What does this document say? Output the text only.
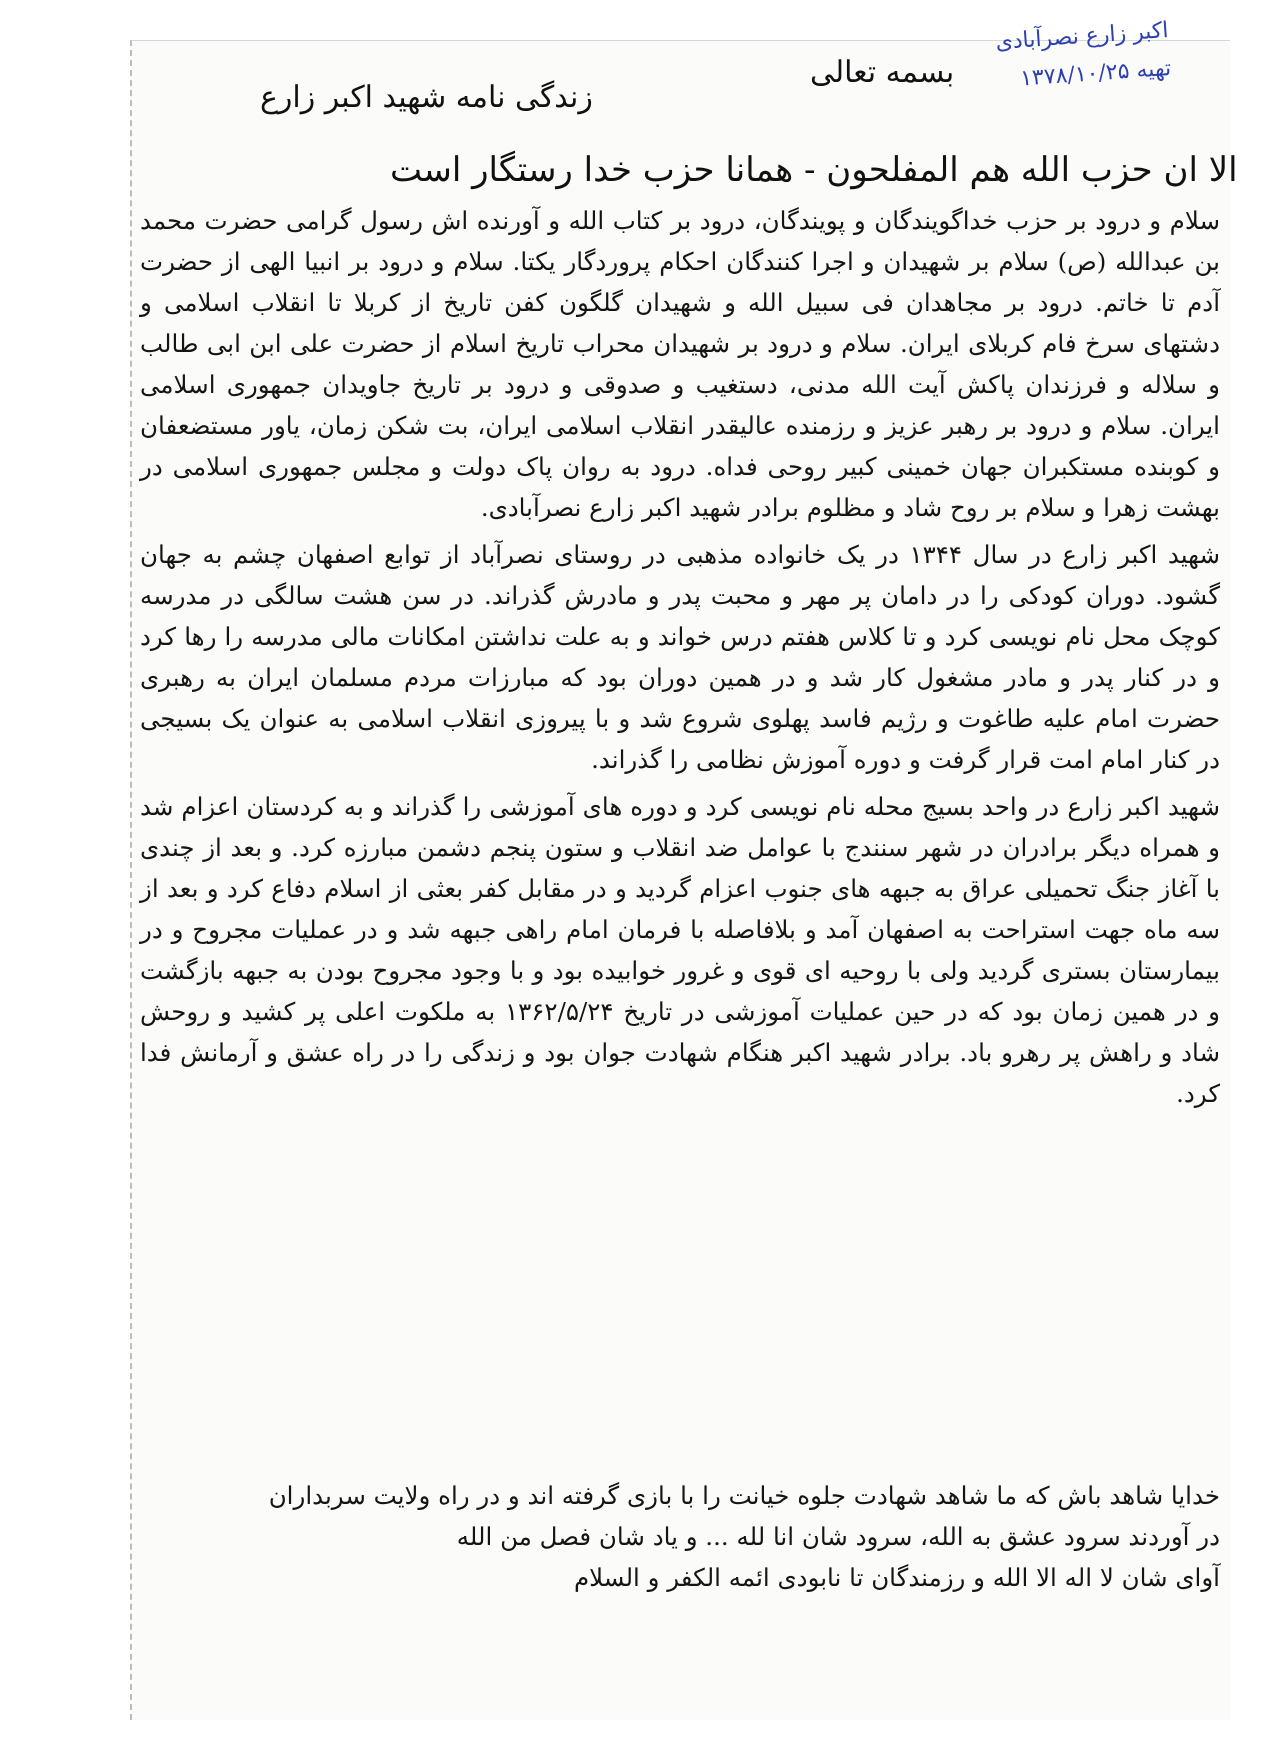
اکبر زارع نصرآبادی
تهیه ۱۳۷۸/۱۰/۲۵
بسمه تعالی
زندگی نامه شهید اکبر زارع
الا ان حزب الله هم المفلحون - همانا حزب خدا رستگار است

سلام و درود بر حزب خداگویندگان و پویندگان، درود بر کتاب الله و آورنده اش رسول گرامی حضرت محمد بن عبدالله (ص) سلام بر شهیدان و اجرا کنندگان احکام پروردگار یکتا. سلام و درود بر انبیا الهی از حضرت آدم تا خاتم. درود بر مجاهدان فی سبیل الله و شهیدان گلگون کفن تاریخ از کربلا تا انقلاب اسلامی و دشتهای سرخ فام کربلای ایران. سلام و درود بر شهیدان محراب تاریخ اسلام از حضرت علی ابن ابی طالب و سلاله و فرزندان پاکش آیت الله مدنی، دستغیب و صدوقی و درود بر تاریخ جاویدان جمهوری اسلامی ایران. سلام و درود بر رهبر عزیز و رزمنده عالیقدر انقلاب اسلامی ایران، بت شکن زمان، یاور مستضعفان و کوبنده مستکبران جهان خمینی کبیر روحی فداه. درود به روان پاک دولت و مجلس جمهوری اسلامی در بهشت زهرا و سلام بر روح شاد و مظلوم برادر شهید اکبر زارع نصرآبادی.

شهید اکبر زارع در سال ۱۳۴۴ در یک خانواده مذهبی در روستای نصرآباد از توابع اصفهان چشم به جهان گشود. دوران کودکی را در دامان پر مهر و محبت پدر و مادرش گذراند. در سن هشت سالگی در مدرسه کوچک محل نام نویسی کرد و تا کلاس هفتم درس خواند و به علت نداشتن امکانات مالی مدرسه را رها کرد و در کنار پدر و مادر مشغول کار شد و در همین دوران بود که مبارزات مردم مسلمان ایران به رهبری حضرت امام علیه طاغوت و رژیم فاسد پهلوی شروع شد و با پیروزی انقلاب اسلامی به عنوان یک بسیجی در کنار امام امت قرار گرفت و دوره آموزش نظامی را گذراند.

شهید اکبر زارع در واحد بسیج محله نام نویسی کرد و دوره های آموزشی را گذراند و به کردستان اعزام شد و همراه دیگر برادران در شهر سنندج با عوامل ضد انقلاب و ستون پنجم دشمن مبارزه کرد. و بعد از چندی با آغاز جنگ تحمیلی عراق به جبهه های جنوب اعزام گردید و در مقابل کفر بعثی از اسلام دفاع کرد و بعد از سه ماه جهت استراحت به اصفهان آمد و بلافاصله با فرمان امام راهی جبهه شد و در عملیات مجروح و در بیمارستان بستری گردید ولی با روحیه ای قوی و غرور خوابیده بود و با وجود مجروح بودن به جبهه بازگشت و در همین زمان بود که در حین عملیات آموزشی در تاریخ ۱۳۶۲/۵/۲۴ به ملکوت اعلی پر کشید و روحش شاد و راهش پر رهرو باد. برادر شهید اکبر هنگام شهادت جوان بود و زندگی را در راه عشق و آرمانش فدا کرد.

خدایا شاهد باش که ما شاهد شهادت جلوه خیانت را با بازی گرفته اند و در راه ولایت سربداران
در آوردند سرود عشق به الله، سرود شان انا لله ... و یاد شان فصل من الله
آوای شان لا اله الا الله و رزمندگان تا نابودی ائمه الکفر و السلام
